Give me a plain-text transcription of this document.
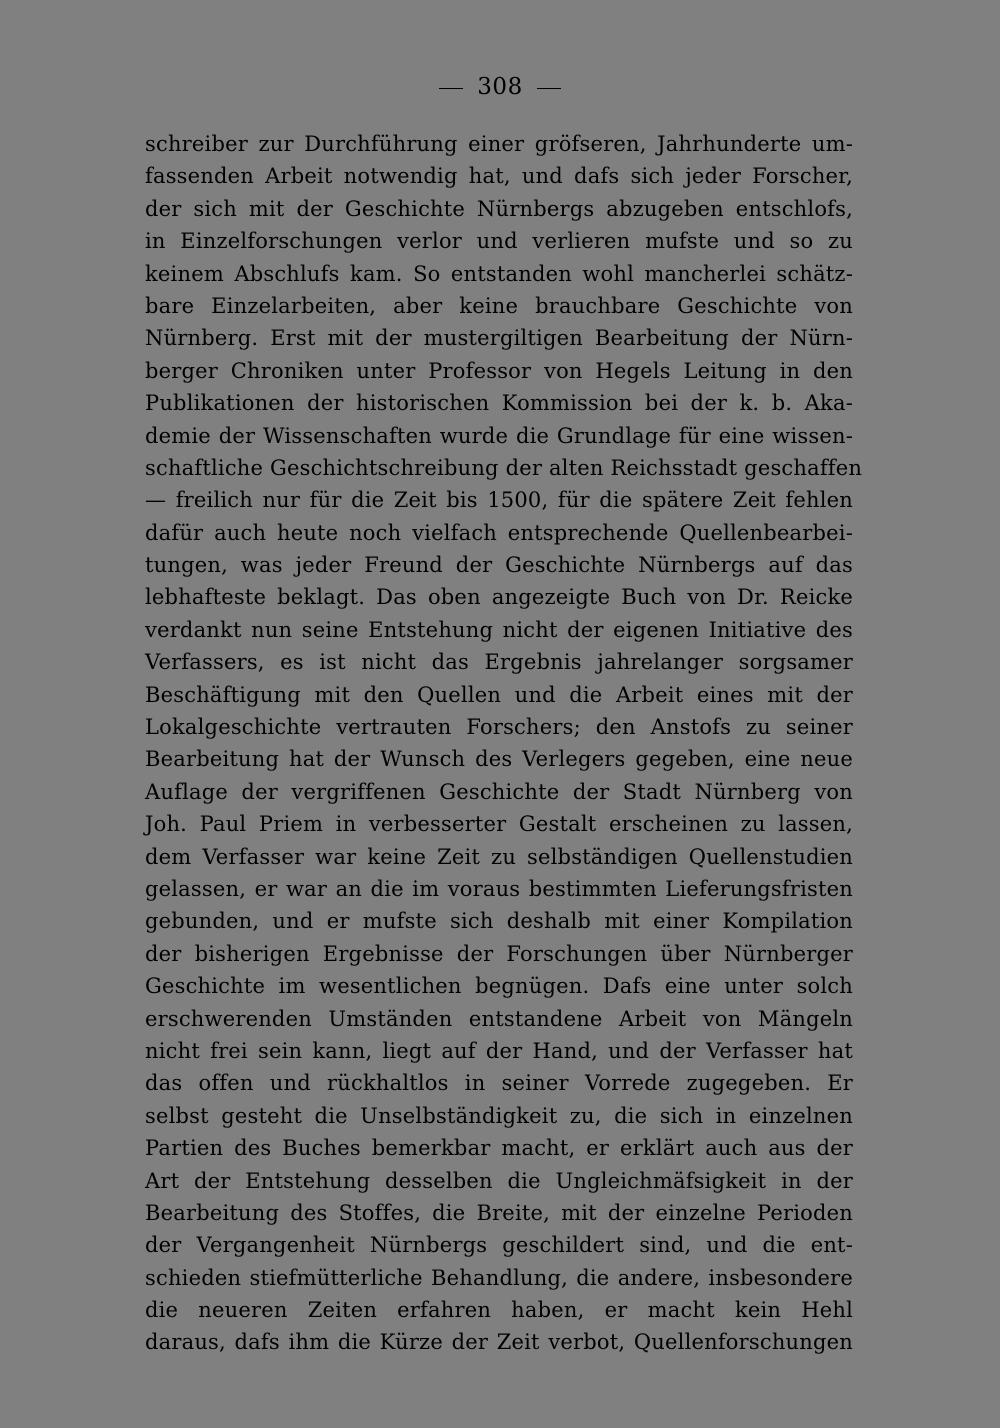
308
schreiber zur Durchführung einer gröfseren, Jahrhunderte um-
fassenden Arbeit notwendig hat, und dafs sich jeder Forscher,
der sich mit der Geschichte Nürnbergs abzugeben entschlofs,
in Einzelforschungen verlor und verlieren mufste und so zu
keinem Abschlufs kam. So entstanden wohl mancherlei schätz-
bare Einzelarbeiten, aber keine brauchbare Geschichte von
Nürnberg. Erst mit der mustergiltigen Bearbeitung der Nürn-
berger Chroniken unter Professor von Hegels Leitung in den
Publikationen der historischen Kommission bei der k. b. Aka-
demie der Wissenschaften wurde die Grundlage für eine wissen-
schaftliche Geschichtschreibung der alten Reichsstadt geschaffen
— freilich nur für die Zeit bis 1500, für die spätere Zeit fehlen
dafür auch heute noch vielfach entsprechende Quellenbearbei-
tungen, was jeder Freund der Geschichte Nürnbergs auf das
lebhafteste beklagt. Das oben angezeigte Buch von Dr. Reicke
verdankt nun seine Entstehung nicht der eigenen Initiative des
Verfassers, es ist nicht das Ergebnis jahrelanger sorgsamer
Beschäftigung mit den Quellen und die Arbeit eines mit der
Lokalgeschichte vertrauten Forschers; den Anstofs zu seiner
Bearbeitung hat der Wunsch des Verlegers gegeben, eine neue
Auflage der vergriffenen Geschichte der Stadt Nürnberg von
Joh. Paul Priem in verbesserter Gestalt erscheinen zu lassen,
dem Verfasser war keine Zeit zu selbständigen Quellenstudien
gelassen, er war an die im voraus bestimmten Lieferungsfristen
gebunden, und er mufste sich deshalb mit einer Kompilation
der bisherigen Ergebnisse der Forschungen über Nürnberger
Geschichte im wesentlichen begnügen. Dafs eine unter solch
erschwerenden Umständen entstandene Arbeit von Mängeln
nicht frei sein kann, liegt auf der Hand, und der Verfasser hat
das offen und rückhaltlos in seiner Vorrede zugegeben. Er
selbst gesteht die Unselbständigkeit zu, die sich in einzelnen
Partien des Buches bemerkbar macht, er erklärt auch aus der
Art der Entstehung desselben die Ungleichmäfsigkeit in der
Bearbeitung des Stoffes, die Breite, mit der einzelne Perioden
der Vergangenheit Nürnbergs geschildert sind, und die ent-
schieden stiefmütterliche Behandlung, die andere, insbesondere
die neueren Zeiten erfahren haben, er macht kein Hehl
daraus, dafs ihm die Kürze der Zeit verbot, Quellenforschungen
